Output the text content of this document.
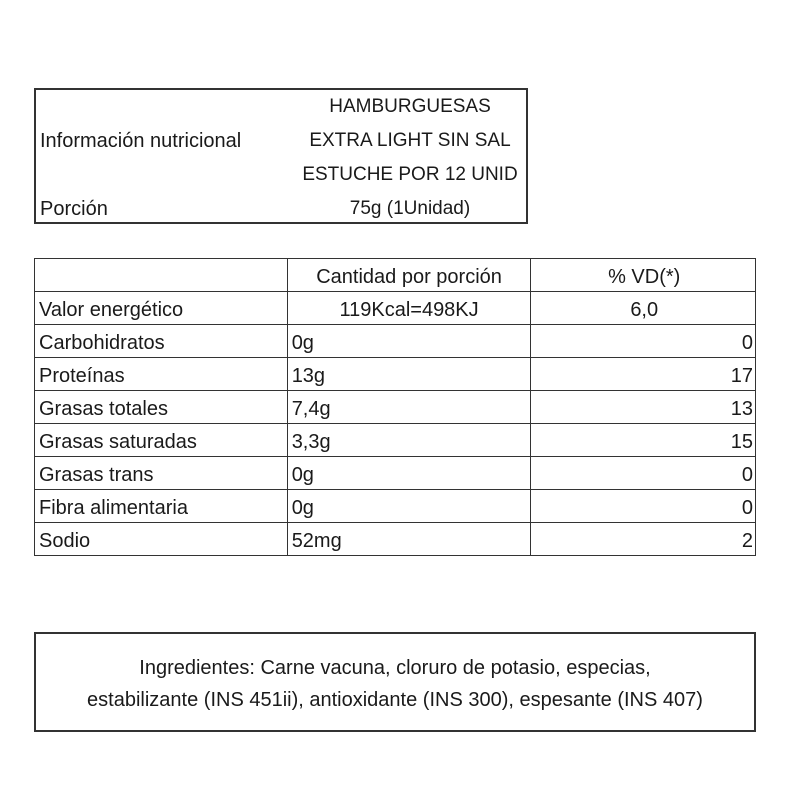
Información nutricional
HAMBURGUESAS
EXTRA LIGHT SIN SAL
ESTUCHE POR 12 UNID
Porción	75g (1Unidad)
	Cantidad por porción	% VD(*)
Valor energético	119Kcal=498KJ	6,0
Carbohidratos	0g	0
Proteínas	13g	17
Grasas totales	7,4g	13
Grasas saturadas	3,3g	15
Grasas trans	0g	0
Fibra alimentaria	0g	0
Sodio	52mg	2
Ingredientes: Carne vacuna, cloruro de potasio, especias,
estabilizante (INS 451ii), antioxidante (INS 300), espesante (INS 407)
